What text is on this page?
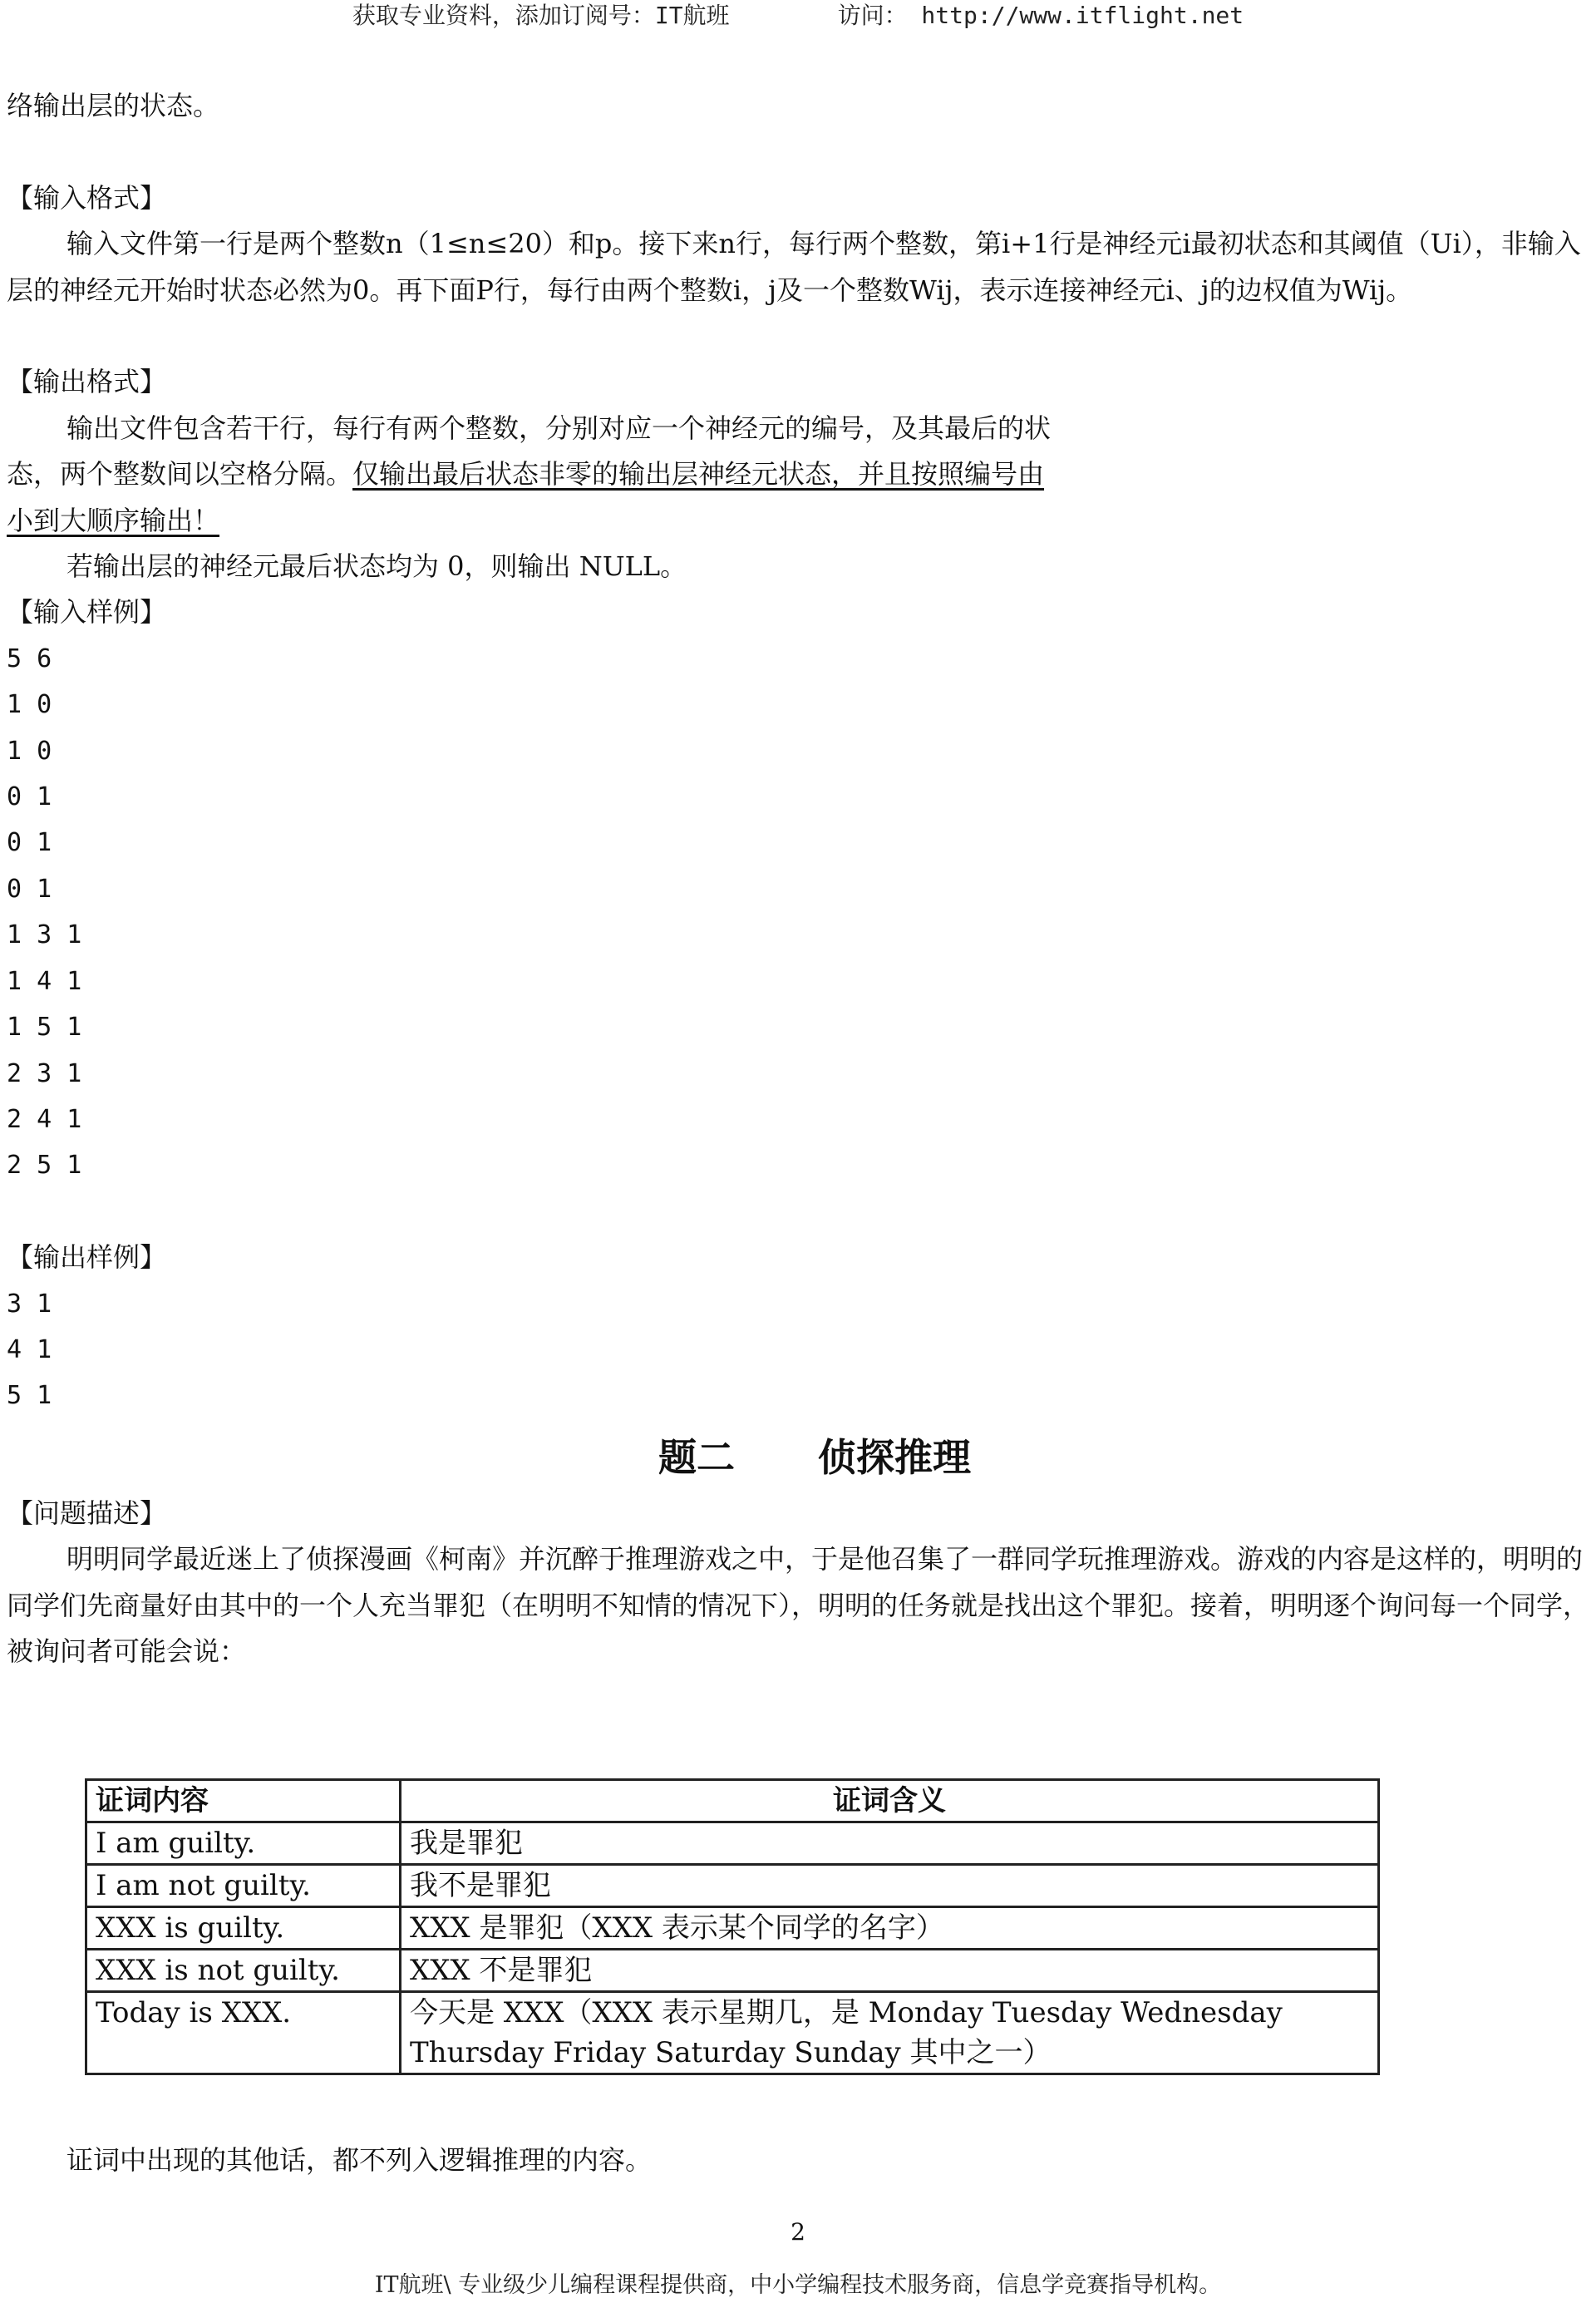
获取专业资料，添加订阅号：IT航班	访问： http://www.itflight.net

络输出层的状态。

【输入格式】

输入文件第一行是两个整数n（1≤n≤20）和p。接下来n行，每行两个整数，第i+1行是神经元i最初状态和其阈值（Ui），非输入层的神经元开始时状态必然为0。再下面P行，每行由两个整数i，j及一个整数Wij，表示连接神经元i、j的边权值为Wij。

【输出格式】

输出文件包含若干行，每行有两个整数，分别对应一个神经元的编号，及其最后的状

态，两个整数间以空格分隔。仅输出最后状态非零的输出层神经元状态，并且按照编号由

小到大顺序输出！

若输出层的神经元最后状态均为 0，则输出 NULL。

【输入样例】

5 6

1 0

1 0

0 1

0 1

0 1

1 3 1

1 4 1

1 5 1

2 3 1

2 4 1

2 5 1

【输出样例】

3 1

4 1

5 1

题二 侦探推理

【问题描述】

明明同学最近迷上了侦探漫画《柯南》并沉醉于推理游戏之中，于是他召集了一群同学玩推理游戏。游戏的内容是这样的，明明的同学们先商量好由其中的一个人充当罪犯（在明明不知情的情况下），明明的任务就是找出这个罪犯。接着，明明逐个询问每一个同学，被询问者可能会说：

证词内容	证词含义
I am guilty.	我是罪犯
I am not guilty.	我不是罪犯
XXX is guilty.	XXX 是罪犯（XXX 表示某个同学的名字）
XXX is not guilty.	XXX 不是罪犯
Today is XXX.	今天是 XXX（XXX 表示星期几，是 Monday Tuesday Wednesday Thursday Friday Saturday Sunday 其中之一）

证词中出现的其他话，都不列入逻辑推理的内容。

2
IT航班\ 专业级少儿编程课程提供商，中小学编程技术服务商，信息学竞赛指导机构。
